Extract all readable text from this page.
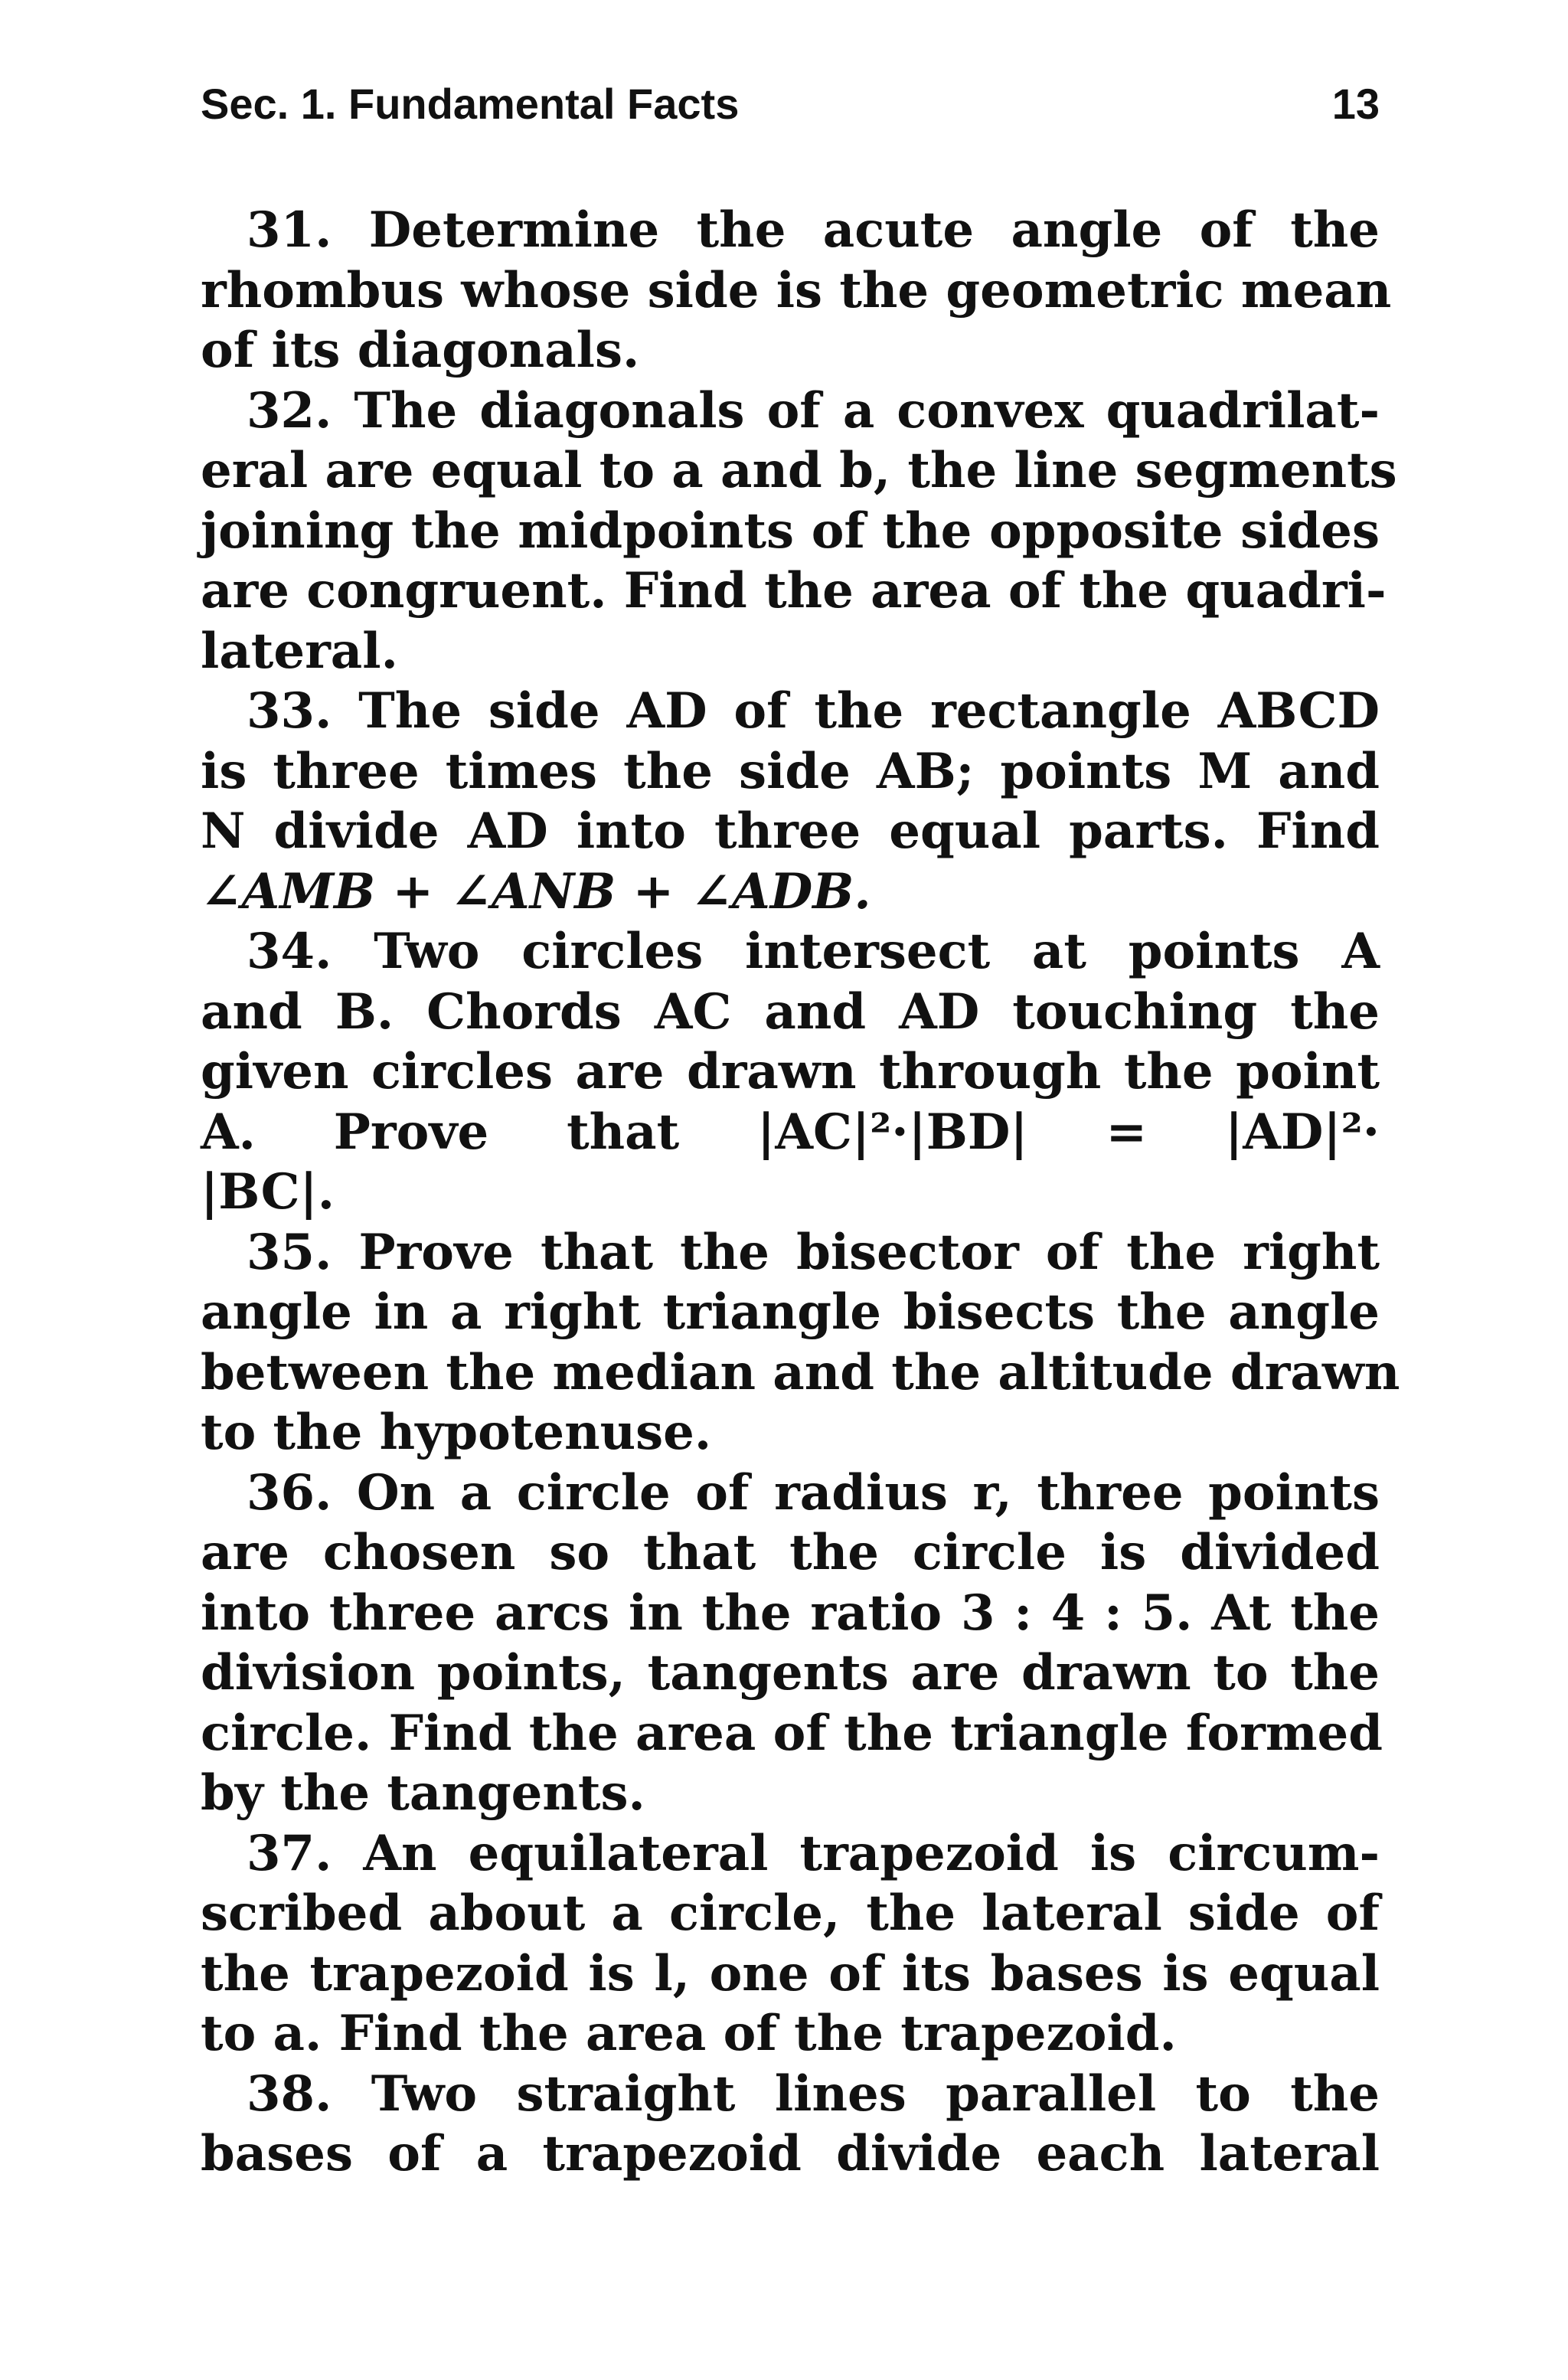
Sec. 1. Fundamental Facts	13
31. Determine the acute angle of the
rhombus whose side is the geometric mean
of its diagonals.
32. The diagonals of a convex quadrilat-
eral are equal to a and b, the line segments
joining the midpoints of the opposite sides
are congruent. Find the area of the quadri-
lateral.
33. The side AD of the rectangle ABCD
is three times the side AB; points M and
N divide AD into three equal parts. Find
∠AMB + ∠ANB + ∠ADB.
34. Two circles intersect at points A
and B. Chords AC and AD touching the
given circles are drawn through the point
A. Prove that |AC|²·|BD| = |AD|²·
|BC|.
35. Prove that the bisector of the right
angle in a right triangle bisects the angle
between the median and the altitude drawn
to the hypotenuse.
36. On a circle of radius r, three points
are chosen so that the circle is divided
into three arcs in the ratio 3 : 4 : 5. At the
division points, tangents are drawn to the
circle. Find the area of the triangle formed
by the tangents.
37. An equilateral trapezoid is circum-
scribed about a circle, the lateral side of
the trapezoid is l, one of its bases is equal
to a. Find the area of the trapezoid.
38. Two straight lines parallel to the
bases of a trapezoid divide each lateral
